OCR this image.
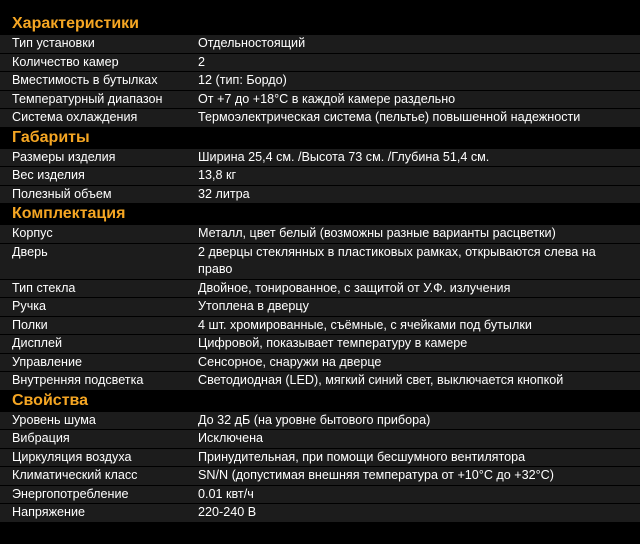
Характеристики
Тип установки	Отдельностоящий
Количество камер	2
Вместимость в бутылках	12 (тип: Бордо)
Температурный диапазон	От +7 до +18°С в каждой камере раздельно
Система охлаждения	Термоэлектрическая система (пельтье) повышенной надежности
Габариты
Размеры изделия	Ширина 25,4 см. /Высота 73 см. /Глубина 51,4 см.
Вес изделия	13,8 кг
Полезный объем	32 литра
Комплектация
Корпус	Металл, цвет белый (возможны разные варианты расцветки)
Дверь	2 дверцы стеклянных в пластиковых рамках, открываются слева на право
Тип стекла	Двойное, тонированное, с защитой от У.Ф. излучения
Ручка	Утоплена в дверцу
Полки	4 шт. хромированные, съёмные, с ячейками под бутылки
Дисплей	Цифровой, показывает температуру в камере
Управление	Сенсорное, снаружи на дверце
Внутренняя подсветка	Светодиодная (LED), мягкий синий свет, выключается кнопкой
Свойства
Уровень шума	До 32 дБ (на уровне бытового прибора)
Вибрация	Исключена
Циркуляция воздуха	Принудительная, при помощи бесшумного вентилятора
Климатический класс	SN/N (допустимая внешняя температура от +10°С до +32°С)
Энергопотребление	0.01 квт/ч
Напряжение	220-240 В
